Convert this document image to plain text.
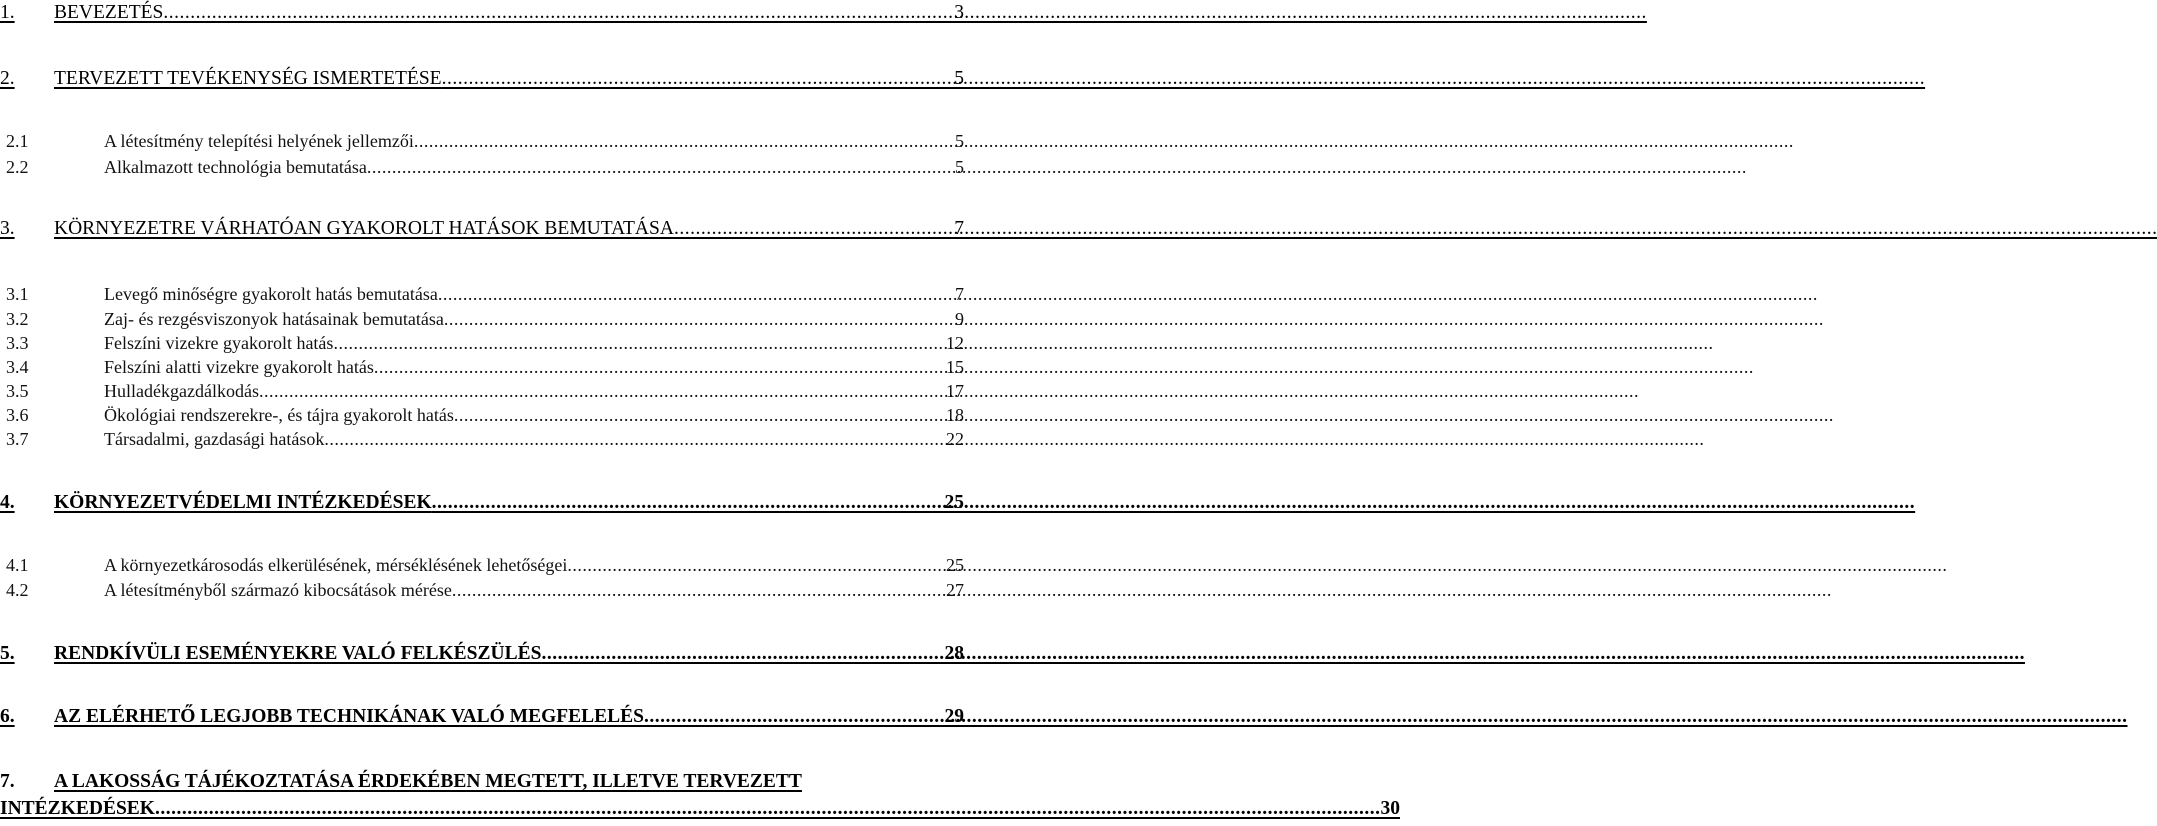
1.	BEVEZETÉS .....	3
2.	TERVEZETT TEVÉKENYSÉG ISMERTETÉSE .....	5
2.1	A létesítmény telepítési helyének jellemzői .....	5
2.2	Alkalmazott technológia bemutatása .....	5
3.	KÖRNYEZETRE VÁRHATÓAN GYAKOROLT HATÁSOK BEMUTATÁSA .....	7
3.1	Levegő minőségre gyakorolt hatás bemutatása .....	7
3.2	Zaj- és rezgésviszonyok hatásainak bemutatása .....	9
3.3	Felszíni vizekre gyakorolt hatás .....	12
3.4	Felszíni alatti vizekre gyakorolt hatás .....	15
3.5	Hulladékgazdálkodás .....	17
3.6	Ökológiai rendszerekre-, és tájra gyakorolt hatás .....	18
3.7	Társadalmi, gazdasági hatások .....	22
4.	KÖRNYEZETVÉDELMI INTÉZKEDÉSEK .....	25
4.1	A környezetkárosodás elkerülésének, mérséklésének lehetőségei .....	25
4.2	A létesítményből származó kibocsátások mérése .....	27
5.	RENDKÍVÜLI ESEMÉNYEKRE VALÓ FELKÉSZÜLÉS .....	28
6.	AZ ELÉRHETŐ LEGJOBB TECHNIKÁNAK VALÓ MEGFELELÉS .....	29
7. A LAKOSSÁG TÁJÉKOZTATÁSA ÉRDEKÉBEN MEGTETT, ILLETVE TERVEZETT
INTÉZKEDÉSEK .....	30
